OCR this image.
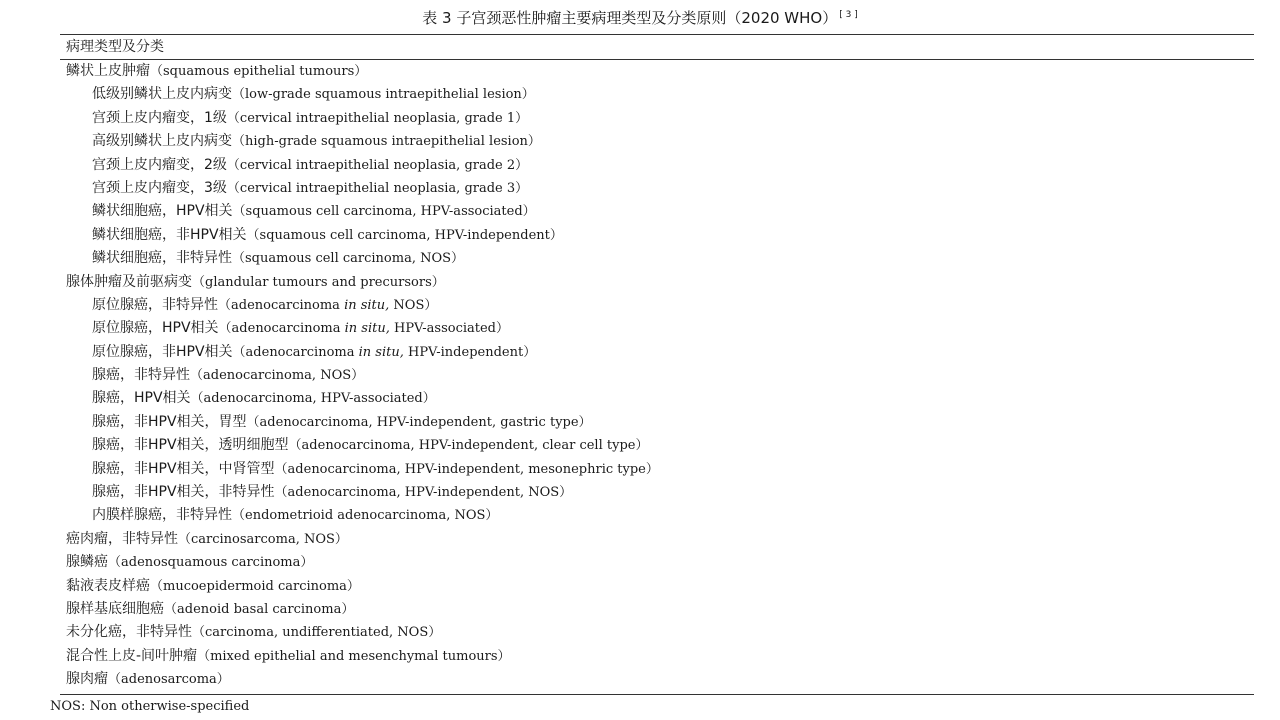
表 3 子宫颈恶性肿瘤主要病理类型及分类原则（2020 WHO） [ 3 ]
病理类型及分类
鳞状上皮肿瘤（squamous epithelial tumours）
低级别鳞状上皮内病变（low-grade squamous intraepithelial lesion）
宫颈上皮内瘤变，1级（cervical intraepithelial neoplasia, grade 1）
高级别鳞状上皮内病变（high-grade squamous intraepithelial lesion）
宫颈上皮内瘤变，2级（cervical intraepithelial neoplasia, grade 2）
宫颈上皮内瘤变，3级（cervical intraepithelial neoplasia, grade 3）
鳞状细胞癌，HPV相关（squamous cell carcinoma, HPV-associated）
鳞状细胞癌，非HPV相关（squamous cell carcinoma, HPV-independent）
鳞状细胞癌，非特异性（squamous cell carcinoma, NOS）
腺体肿瘤及前驱病变（glandular tumours and precursors）
原位腺癌，非特异性（adenocarcinoma in situ, NOS）
原位腺癌，HPV相关（adenocarcinoma in situ, HPV-associated）
原位腺癌，非HPV相关（adenocarcinoma in situ, HPV-independent）
腺癌，非特异性（adenocarcinoma, NOS）
腺癌，HPV相关（adenocarcinoma, HPV-associated）
腺癌，非HPV相关，胃型（adenocarcinoma, HPV-independent, gastric type）
腺癌，非HPV相关，透明细胞型（adenocarcinoma, HPV-independent, clear cell type）
腺癌，非HPV相关，中肾管型（adenocarcinoma, HPV-independent, mesonephric type）
腺癌，非HPV相关，非特异性（adenocarcinoma, HPV-independent, NOS）
内膜样腺癌，非特异性（endometrioid adenocarcinoma, NOS）
癌肉瘤，非特异性（carcinosarcoma, NOS）
腺鳞癌（adenosquamous carcinoma）
黏液表皮样癌（mucoepidermoid carcinoma）
腺样基底细胞癌（adenoid basal carcinoma）
未分化癌，非特异性（carcinoma, undifferentiated, NOS）
混合性上皮-间叶肿瘤（mixed epithelial and mesenchymal tumours）
腺肉瘤（adenosarcoma）
NOS: Non otherwise-specified
